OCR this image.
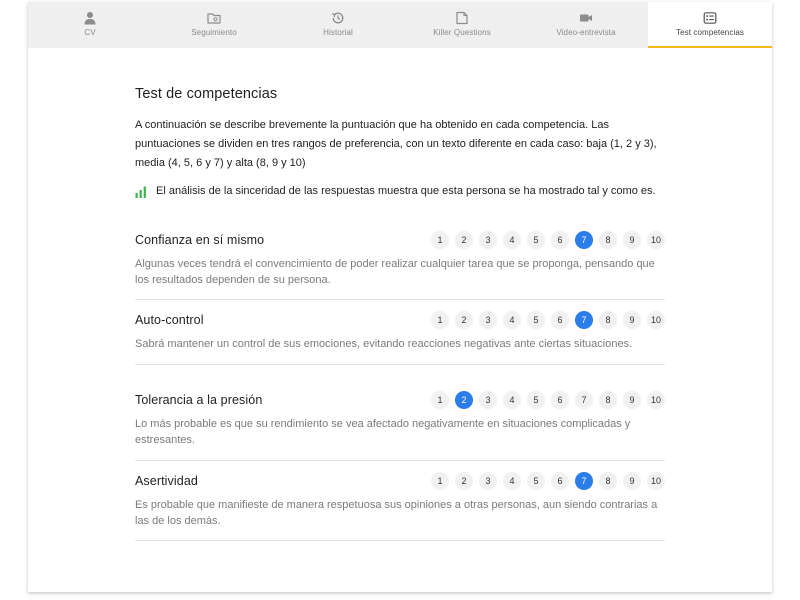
CV	Seguimiento	Historial	Killer Questions	Video-entrevista	Test competencias
Test de competencias

A continuación se describe brevemente la puntuación que ha obtenido en cada competencia. Las puntuaciones se dividen en tres rangos de preferencia, con un texto diferente en cada caso: baja (1, 2 y 3), media (4, 5, 6 y 7) y alta (8, 9 y 10)

El análisis de la sinceridad de las respuestas muestra que esta persona se ha mostrado tal y como es.
Confianza en sí mismo	1	2	3	4	5	6	7	8	9	10

Algunas veces tendrá el convencimiento de poder realizar cualquier tarea que se proponga, pensando que los resultados dependen de su persona.

Auto-control	1	2	3	4	5	6	7	8	9	10

Sabrá mantener un control de sus emociones, evitando reacciones negativas ante ciertas situaciones.

Tolerancia a la presión	1	2	3	4	5	6	7	8	9	10

Lo más probable es que su rendimiento se vea afectado negativamente en situaciones complicadas y estresantes.

Asertividad	1	2	3	4	5	6	7	8	9	10

Es probable que manifieste de manera respetuosa sus opiniones a otras personas, aun siendo contrarias a las de los demás.
